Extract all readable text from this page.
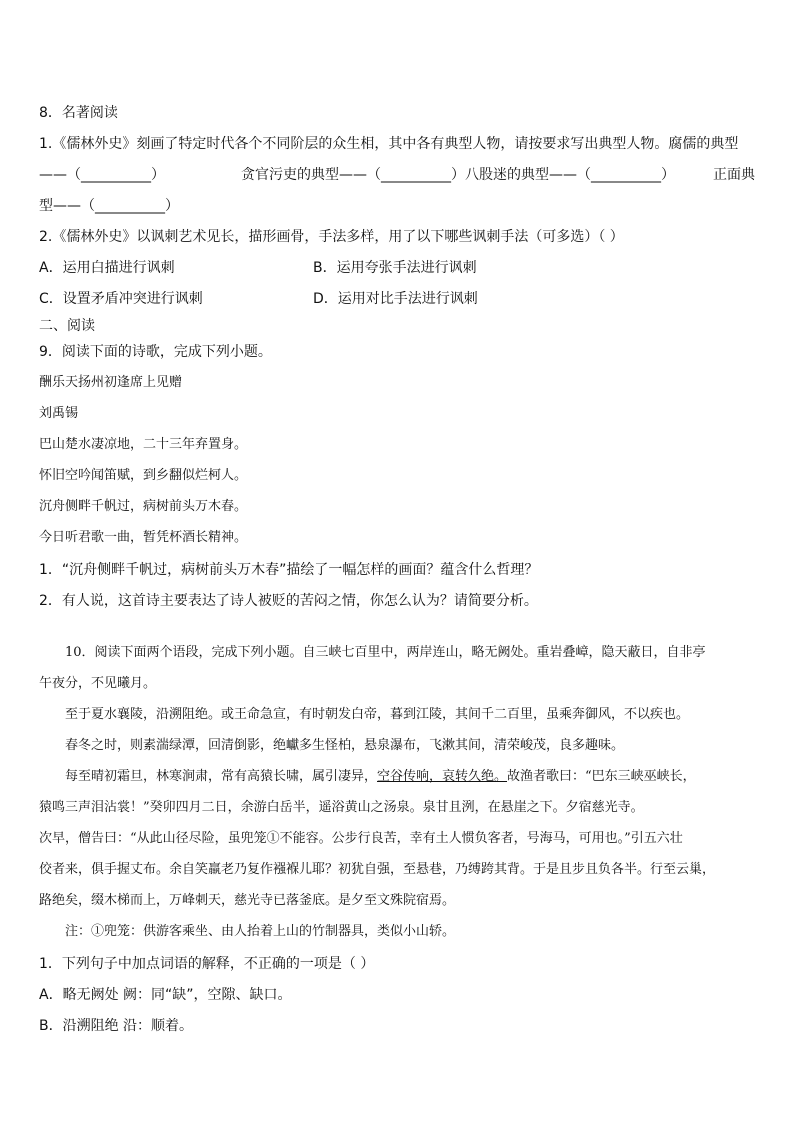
8．名著阅读
1.《儒林外史》刻画了特定时代各个不同阶层的众生相，其中各有典型人物，请按要求写出典型人物。腐儒的典型
——（__________）	贪官污吏的典型——（__________）八股迷的典型——（__________）	正面典
型——（__________）
2.《儒林外史》以讽刺艺术见长，描形画骨，手法多样，用了以下哪些讽刺手法（可多选）（ ）
A．运用白描进行讽刺	B．运用夸张手法进行讽刺
C．设置矛盾冲突进行讽刺	D．运用对比手法进行讽刺
二、阅读
9．阅读下面的诗歌，完成下列小题。
酬乐天扬州初逢席上见赠
刘禹锡
巴山楚水凄凉地，二十三年弃置身。
怀旧空吟闻笛赋，到乡翻似烂柯人。
沉舟侧畔千帆过，病树前头万木春。
今日听君歌一曲，暂凭杯酒长精神。
1．“沉舟侧畔千帆过，病树前头万木春”描绘了一幅怎样的画面？蕴含什么哲理？
2．有人说，这首诗主要表达了诗人被贬的苦闷之情，你怎么认为？请简要分析。
10．阅读下面两个语段，完成下列小题。自三峡七百里中，两岸连山，略无阙处。重岩叠嶂，隐天蔽日，自非亭
午夜分，不见曦月。
至于夏水襄陵，沿溯阻绝。或王命急宣，有时朝发白帝，暮到江陵，其间千二百里，虽乘奔御风，不以疾也。
春冬之时，则素湍绿潭，回清倒影，绝巘多生怪柏，悬泉瀑布，飞漱其间，清荣峻茂，良多趣味。
每至晴初霜旦，林寒涧肃，常有高猿长啸，属引凄异，空谷传响，哀转久绝。故渔者歌曰：“巴东三峡巫峡长，
猿鸣三声泪沾裳！”癸卯四月二日，余游白岳半，遥浴黄山之汤泉。泉甘且洌，在悬崖之下。夕宿慈光寺。
次早，僧告曰：“从此山径尽险，虽兜笼①不能容。公步行良苦，幸有土人惯负客者，号海马，可用也。”引五六壮
佼者来，俱手握丈布。余自笑羸老乃复作襁褓儿耶？初犹自强，至悬巷，乃缚跨其背。于是且步且负各半。行至云巢，
路绝矣，缀木梯而上，万峰刺天，慈光寺已落釜底。是夕至文殊院宿焉。
注：①兜笼：供游客乘坐、由人抬着上山的竹制器具，类似小山轿。
1．下列句子中加点词语的解释，不正确的一项是（ ）
A．略无阙处 阙：同“缺”，空隙、缺口。
B．沿溯阻绝 沿：顺着。
